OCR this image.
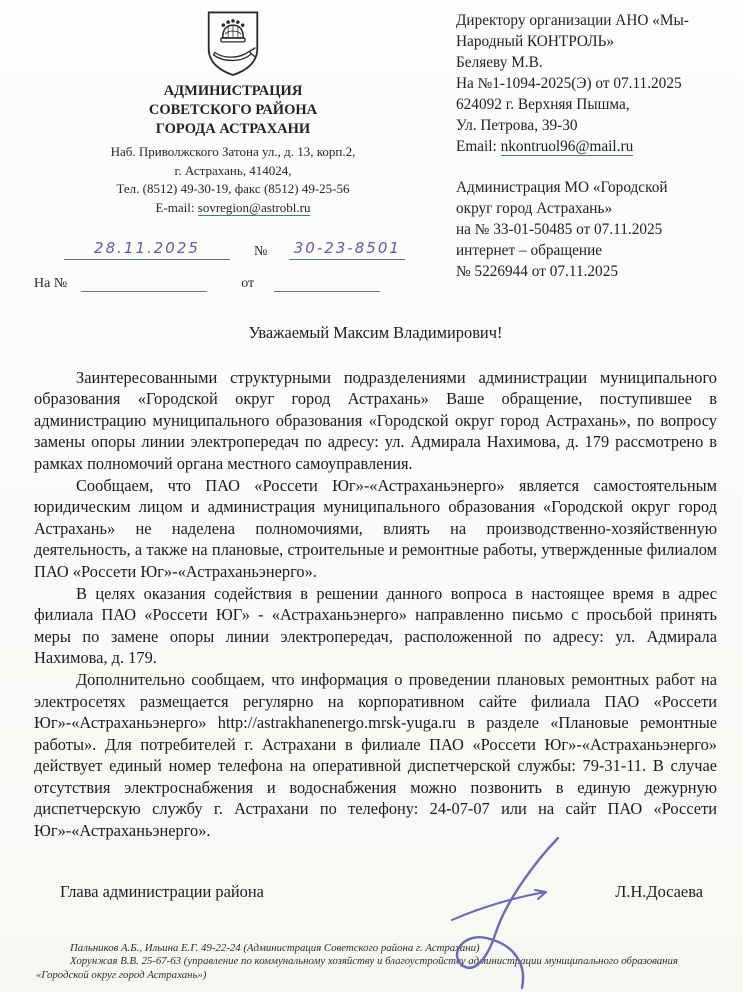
АДМИНИСТРАЦИЯ
СОВЕТСКОГО РАЙОНА
ГОРОДА АСТРАХАНИ
Наб. Приволжского Затона ул., д. 13, корп.2,
г. Астрахань, 414024,
Тел. (8512) 49-30-19, факс (8512) 49-25-56
E-mail: sovregion@astrobl.ru
28.11.2025	№ 30-23-8501
На №	от
Директору организации АНО «Мы-
Народный КОНТРОЛЬ»
Беляеву М.В.
На №1-1094-2025(Э) от 07.11.2025
624092 г. Верхняя Пышма,
Ул. Петрова, 39-30
Email: nkontruol96@mail.ru
Администрация МО «Городской
округ город Астрахань»
на № 33-01-50485 от 07.11.2025
интернет – обращение
№ 5226944 от 07.11.2025

Уважаемый Максим Владимирович!

Заинтересованными структурными подразделениями администрации муниципального образования «Городской округ город Астрахань» Ваше обращение, поступившее в администрацию муниципального образования «Городской округ город Астрахань», по вопросу замены опоры линии электропередач по адресу: ул. Адмирала Нахимова, д. 179 рассмотрено в рамках полномочий органа местного самоуправления.

Сообщаем, что ПАО «Россети Юг»-«Астраханьэнерго» является самостоятельным юридическим лицом и администрация муниципального образования «Городской округ город Астрахань» не наделена полномочиями, влиять на производственно-хозяйственную деятельность, а также на плановые, строительные и ремонтные работы, утвержденные филиалом ПАО «Россети Юг»-«Астраханьэнерго».

В целях оказания содействия в решении данного вопроса в настоящее время в адрес филиала ПАО «Россети ЮГ» - «Астраханьэнерго» направленно письмо с просьбой принять меры по замене опоры линии электропередач, расположенной по адресу: ул. Адмирала Нахимова, д. 179.

Дополнительно сообщаем, что информация о проведении плановых ремонтных работ на электросетях размещается регулярно на корпоративном сайте филиала ПАО «Россети Юг»-«Астраханьэнерго» http://astrakhanenergo.mrsk-yuga.ru в разделе «Плановые ремонтные работы». Для потребителей г. Астрахани в филиале ПАО «Россети Юг»-«Астраханьэнерго» действует единый номер телефона на оперативной диспетчерской службы: 79-31-11. В случае отсутствия электроснабжения и водоснабжения можно позвонить в единую дежурную диспетчерскую службу г. Астрахани по телефону: 24-07-07 или на сайт ПАО «Россети Юг»-«Астраханьэнерго».

Глава администрации района	Л.Н.Досаева
Пальников А.Б., Ильина Е.Г. 49-22-24 (Администрация Советского района г. Астрахани)
Хорунжая В.В. 25-67-63 (управление по коммунальному хозяйству и благоустройству администрации муниципального образования «Городской округ город Астрахань»)
